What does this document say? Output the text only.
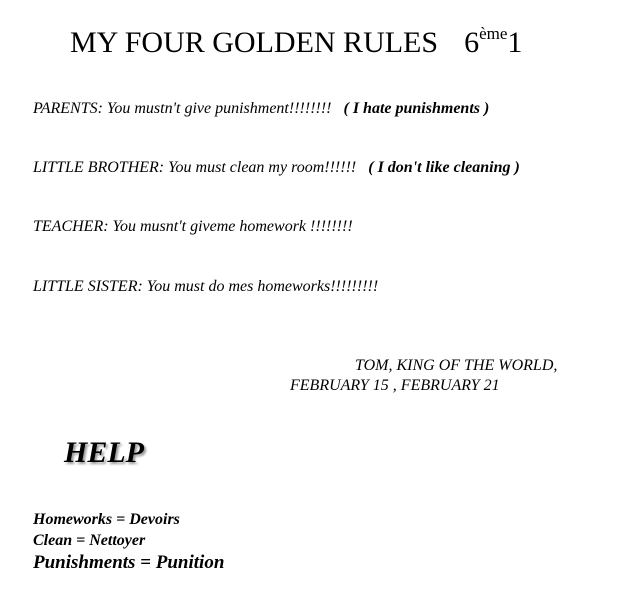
MY FOUR GOLDEN RULES 6ème1
PARENTS: You mustn't give punishment!!!!!!!! ( I hate punishments )
LITTLE BROTHER: You must clean my room!!!!!! ( I don't like cleaning )
TEACHER: You musnt't giveme homework !!!!!!!!
LITTLE SISTER: You must do mes homeworks!!!!!!!!!
TOM, KING OF THE WORLD,
FEBRUARY 15 , FEBRUARY 21
HELP
Homeworks = Devoirs
Clean = Nettoyer
Punishments = Punition
